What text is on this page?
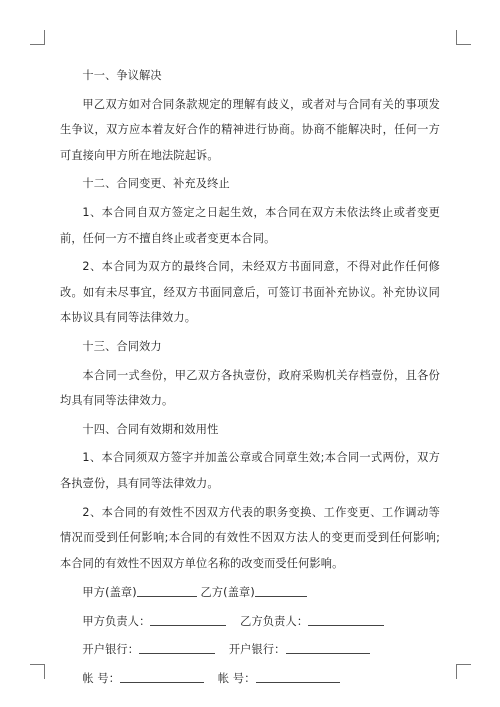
十一、争议解决

甲乙双方如对合同条款规定的理解有歧义，或者对与合同有关的事项发生争议，双方应本着友好合作的精神进行协商。协商不能解决时，任何一方可直接向甲方所在地法院起诉。

十二、合同变更、补充及终止

1、本合同自双方签定之日起生效，本合同在双方未依法终止或者变更前，任何一方不擅自终止或者变更本合同。

2、本合同为双方的最终合同，未经双方书面同意，不得对此作任何修改。如有未尽事宜，经双方书面同意后，可签订书面补充协议。补充协议同本协议具有同等法律效力。

十三、合同效力

本合同一式叁份，甲乙双方各执壹份，政府采购机关存档壹份，且各份均具有同等法律效力。

十四、合同有效期和效用性

1、本合同须双方签字并加盖公章或合同章生效;本合同一式两份，双方各执壹份，具有同等法律效力。

2、本合同的有效性不因双方代表的职务变换、工作变更、工作调动等情况而受到任何影响;本合同的有效性不因双方法人的变更而受到任何影响;本合同的有效性不因双方单位名称的改变而受任何影响。

甲方(盖章)	乙方(盖章)
甲方负责人：	乙方负责人：
开户银行：	开户银行：
帐 号：	帐 号：
